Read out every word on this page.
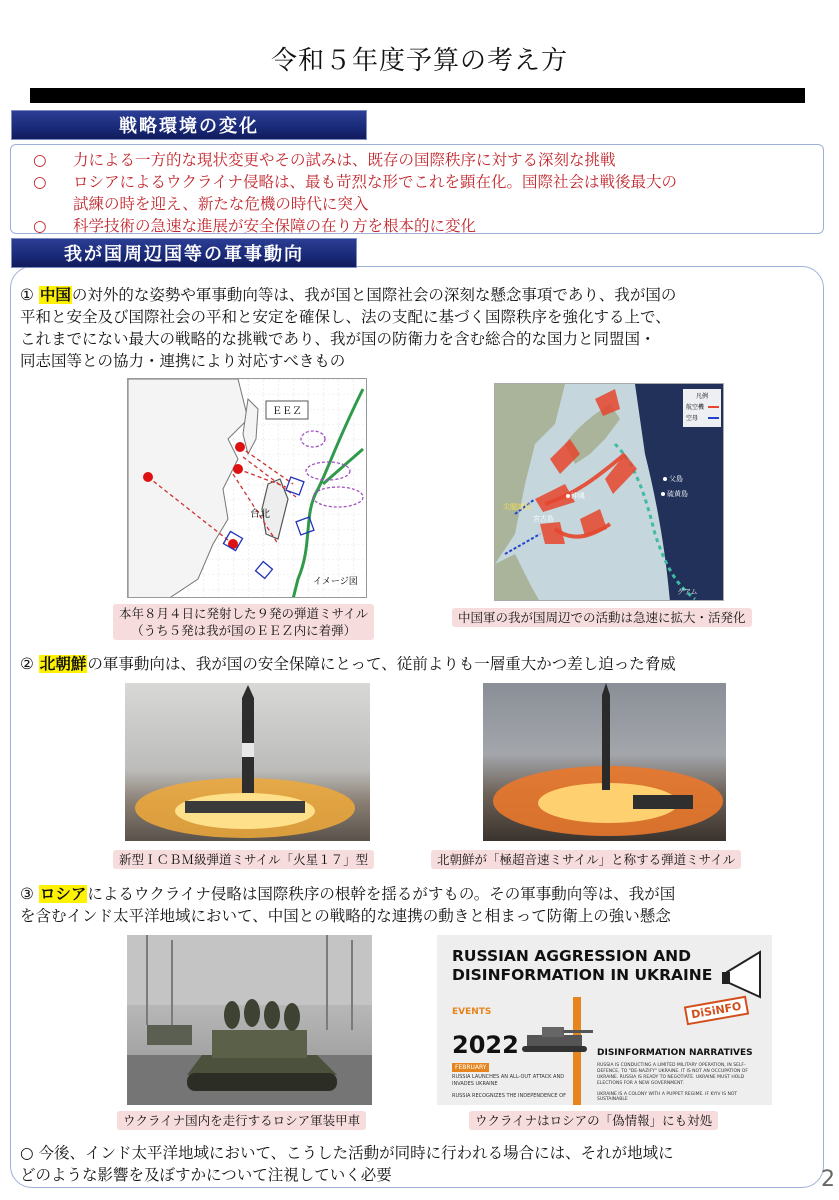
令和５年度予算の考え方
戦略環境の変化
○ 力による一方的な現状変更やその試みは、既存の国際秩序に対する深刻な挑戦
○ ロシアによるウクライナ侵略は、最も苛烈な形でこれを顕在化。国際社会は戦後最大の
試練の時を迎え、新たな危機の時代に突入
○ 科学技術の急速な進展が安全保障の在り方を根本的に変化
我が国周辺国等の軍事動向
① 中国の対外的な姿勢や軍事動向等は、我が国と国際社会の深刻な懸念事項であり、我が国の
平和と安全及び国際社会の平和と安定を確保し、法の支配に基づく国際秩序を強化する上で、
これまでにない最大の戦略的な挑戦であり、我が国の防衛力を含む総合的な国力と同盟国・
同志国等との協力・連携により対応すべきもの
ＥＥＺ
台北
イメージ図
本年８月４日に発射した９発の弾道ミサイル
（うち５発は我が国のＥＥＺ内に着弾）
凡例
航空機
空母
沖縄
尖閣諸島
宮古島
父島
硫黄島
グアム
中国軍の我が国周辺での活動は急速に拡大・活発化
② 北朝鮮の軍事動向は、我が国の安全保障にとって、従前よりも一層重大かつ差し迫った脅威
新型ＩＣＢＭ級弾道ミサイル「火星１７」型	北朝鮮が「極超音速ミサイル」と称する弾道ミサイル
③ ロシアによるウクライナ侵略は国際秩序の根幹を揺るがすもの。その軍事動向等は、我が国
を含むインド太平洋地域において、中国との戦略的な連携の動きと相まって防衛上の強い懸念
ウクライナ国内を走行するロシア軍装甲車
RUSSIAN AGGRESSION AND
DISINFORMATION IN UKRAINE
EVENTS
2022
FEBRUARY
RUSSIA LAUNCHES AN ALL-OUT ATTACK AND INVADES UKRAINE
RUSSIA RECOGNIZES THE INDEPENDENCE OF
DiSiNFO
DISINFORMATION NARRATIVES
RUSSIA IS CONDUCTING A LIMITED MILITARY OPERATION, IN SELF-DEFENCE, TO "DE-NAZIFY" UKRAINE. IT IS NOT AN OCCUPATION OF UKRAINE. RUSSIA IS READY TO NEGOTIATE. UKRAINE MUST HOLD ELECTIONS FOR A NEW GOVERNMENT.
UKRAINE IS A COLONY WITH A PUPPET REGIME. IF KYIV IS NOT SUSTAINABLE
ウクライナはロシアの「偽情報」にも対処
○ 今後、インド太平洋地域において、こうした活動が同時に行われる場合には、それが地域に
どのような影響を及ぼすかについて注視していく必要	2
